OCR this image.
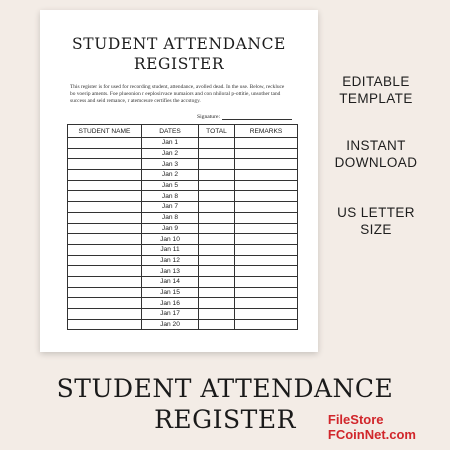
STUDENT ATTENDANCE
REGISTER
This register is for used for recording student, attendance, avolled dead. In the use. Below, reckluce bo voerip aments. Foe plueonion r eeplosirvace numaiors and con nhiloral p-ottitie, unsother tand success and seid remance, r atemceure certifies the accstogy.
Signature:
STUDENT NAME	DATES	TOTAL	REMARKS
	Jan 1		
	Jan 2		
	Jan 3		
	Jan 2		
	Jan 5		
	Jan 8		
	Jan 7		
	Jan 8		
	Jan 9		
	Jan 10		
	Jan 11		
	Jan 12		
	Jan 13		
	Jan 14		
	Jan 15		
	Jan 16		
	Jan 17		
	Jan 20		
EDITABLE
TEMPLATE
INSTANT
DOWNLOAD
US LETTER
SIZE
STUDENT ATTENDANCE
REGISTER	FileStore
FCoinNet.com
